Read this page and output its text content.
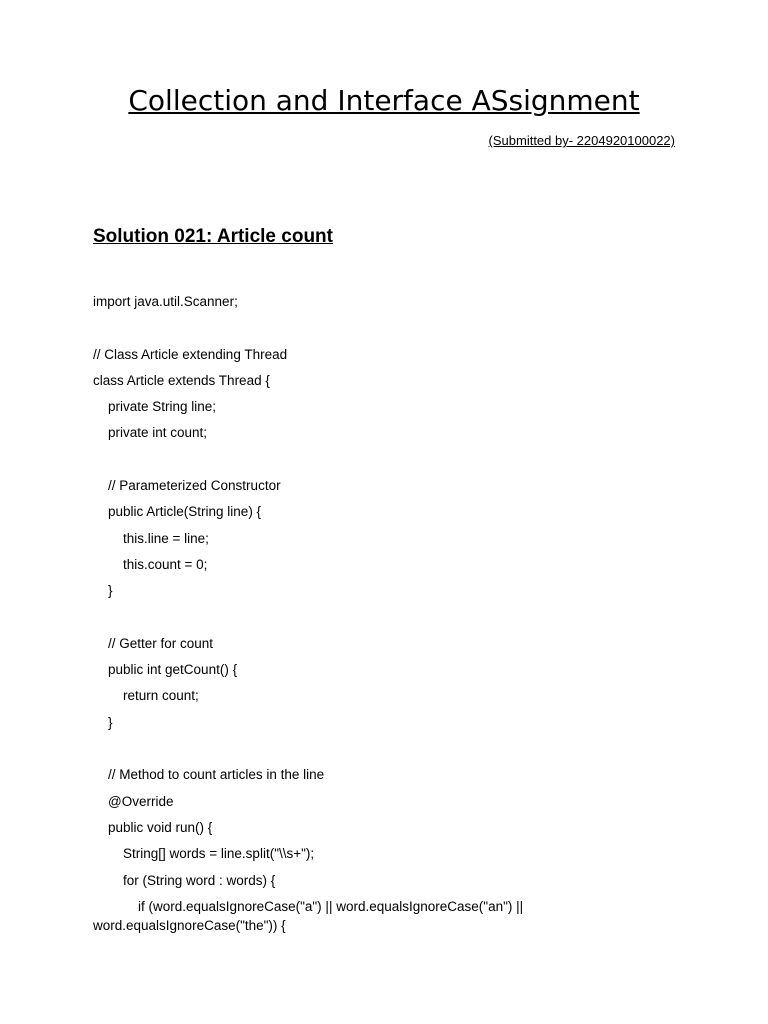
Collection and Interface ASsignment
(Submitted by- 2204920100022)
Solution 021: Article count
import java.util.Scanner;
// Class Article extending Thread
class Article extends Thread {
private String line;
private int count;
// Parameterized Constructor
public Article(String line) {
this.line = line;
this.count = 0;
}
// Getter for count
public int getCount() {
return count;
}
// Method to count articles in the line
@Override
public void run() {
String[] words = line.split("\\s+");
for (String word : words) {
if (word.equalsIgnoreCase("a") || word.equalsIgnoreCase("an") ||
word.equalsIgnoreCase("the")) {
